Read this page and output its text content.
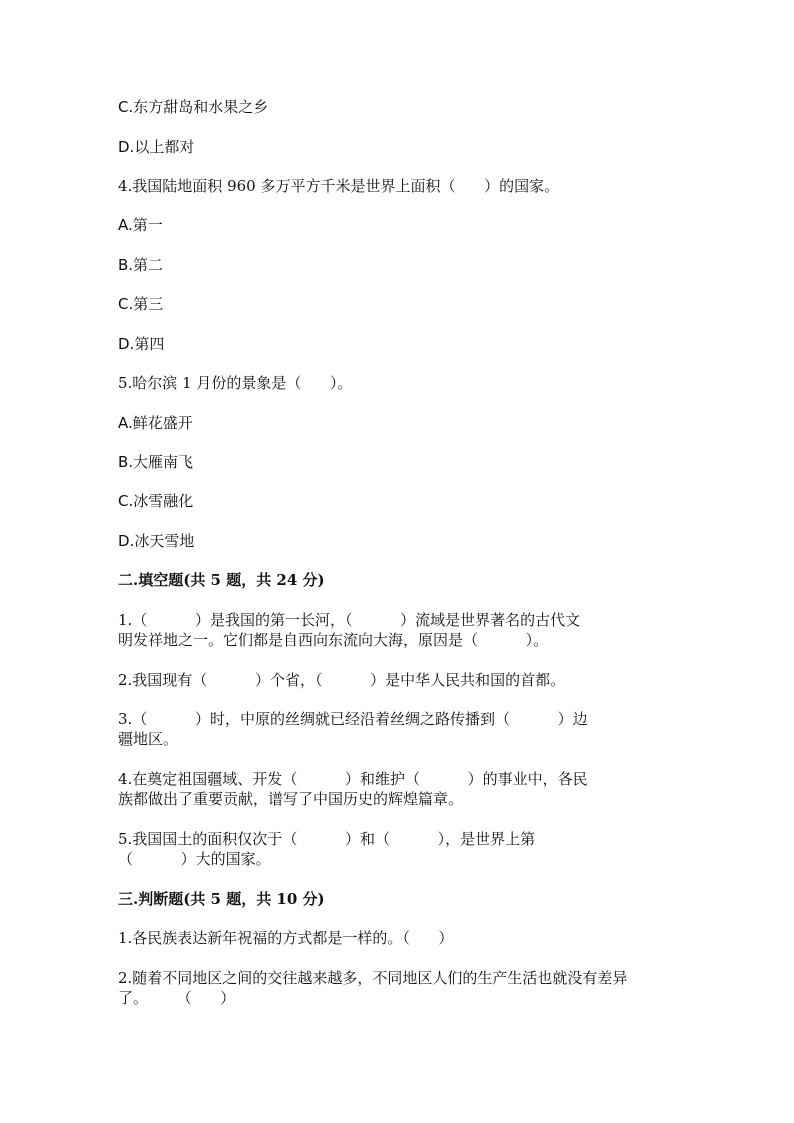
C.东方甜岛和水果之乡
D.以上都对
4.我国陆地面积 960 多万平方千米是世界上面积（      ）的国家。
A.第一
B.第二
C.第三
D.第四
5.哈尔滨 1 月份的景象是（      ）。
A.鲜花盛开
B.大雁南飞
C.冰雪融化
D.冰天雪地
二.填空题(共 5 题，共 24 分)
1.（          ）是我国的第一长河，（          ）流域是世界著名的古代文
明发祥地之一。它们都是自西向东流向大海，原因是（          ）。
2.我国现有（          ）个省，（          ）是中华人民共和国的首都。
3.（          ）时，中原的丝绸就已经沿着丝绸之路传播到（          ）边
疆地区。
4.在奠定祖国疆域、开发（          ）和维护（          ）的事业中，各民
族都做出了重要贡献，谱写了中国历史的辉煌篇章。
5.我国国土的面积仅次于（          ）和（          ），是世界上第
（          ）大的国家。
三.判断题(共 5 题，共 10 分)
1.各民族表达新年祝福的方式都是一样的。（      ）
2.随着不同地区之间的交往越来越多，不同地区人们的生产生活也就没有差异
了。      （      ）
